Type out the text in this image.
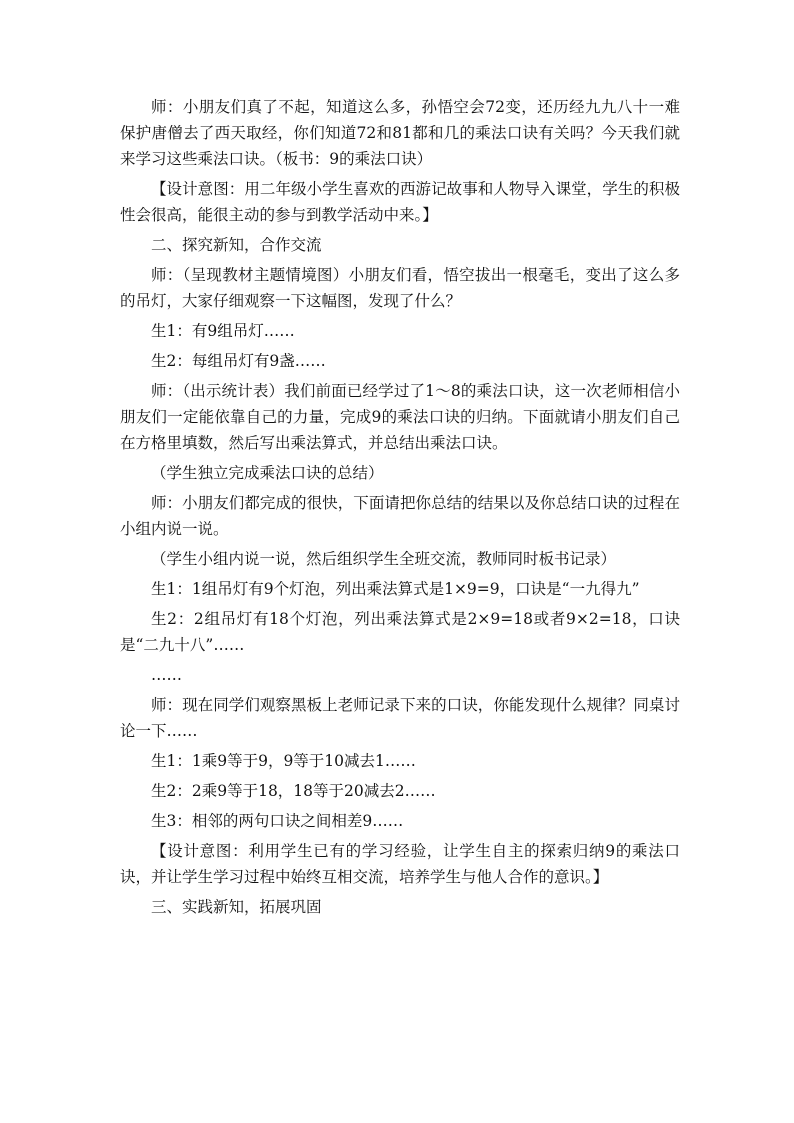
师：小朋友们真了不起，知道这么多，孙悟空会72变，还历经九九八十一难保护唐僧去了西天取经，你们知道72和81都和几的乘法口诀有关吗？今天我们就来学习这些乘法口诀。（板书：9的乘法口诀）

【设计意图：用二年级小学生喜欢的西游记故事和人物导入课堂，学生的积极性会很高，能很主动的参与到教学活动中来。】

二、探究新知，合作交流

师：（呈现教材主题情境图）小朋友们看，悟空拔出一根毫毛，变出了这么多的吊灯，大家仔细观察一下这幅图，发现了什么？

生1：有9组吊灯……

生2：每组吊灯有9盏……

师：（出示统计表）我们前面已经学过了1～8的乘法口诀，这一次老师相信小朋友们一定能依靠自己的力量，完成9的乘法口诀的归纳。下面就请小朋友们自己在方格里填数，然后写出乘法算式，并总结出乘法口诀。

（学生独立完成乘法口诀的总结）

师：小朋友们都完成的很快，下面请把你总结的结果以及你总结口诀的过程在小组内说一说。

（学生小组内说一说，然后组织学生全班交流，教师同时板书记录）

生1：1组吊灯有9个灯泡，列出乘法算式是1×9=9，口诀是“一九得九”

生2：2组吊灯有18个灯泡，列出乘法算式是2×9=18或者9×2=18，口诀是“二九十八”……

……

师：现在同学们观察黑板上老师记录下来的口诀，你能发现什么规律？同桌讨论一下……

生1：1乘9等于9，9等于10减去1……

生2：2乘9等于18，18等于20减去2……

生3：相邻的两句口诀之间相差9……

【设计意图：利用学生已有的学习经验，让学生自主的探索归纳9的乘法口诀，并让学生学习过程中始终互相交流，培养学生与他人合作的意识。】

三、实践新知，拓展巩固
